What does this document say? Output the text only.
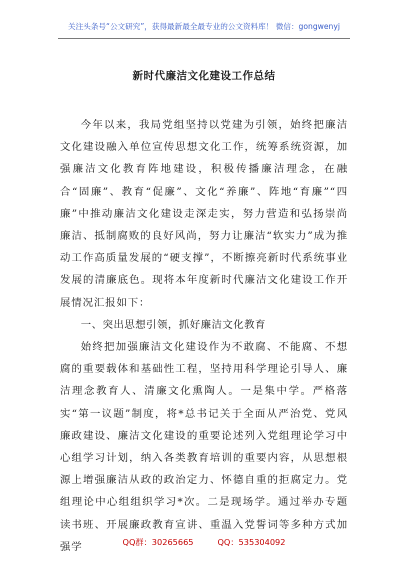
关注头条号“公文研究”，获得最新最全最专业的公文资料库！ 微信：gongwenyj
新时代廉洁文化建设工作总结

今年以来，我局党组坚持以党建为引领，始终把廉洁文化建设融入单位宣传思想文化工作，统筹系统资源，加强廉洁文化教育阵地建设，积极传播廉洁理念，在融合“固廉”、教育“促廉”、文化“养廉”、阵地“育廉”“四廉”中推动廉洁文化建设走深走实，努力营造和弘扬崇尚廉洁、抵制腐败的良好风尚，努力让廉洁“软实力”成为推动工作高质量发展的“硬支撑”，不断擦亮新时代系统事业发展的清廉底色。现将本年度新时代廉洁文化建设工作开展情况汇报如下：

一、突出思想引领，抓好廉洁文化教育

始终把加强廉洁文化建设作为不敢腐、不能腐、不想腐的重要载体和基础性工程，坚持用科学理论引导人、廉洁理念教育人、清廉文化熏陶人。一是集中学。严格落实“第一议题”制度，将*总书记关于全面从严治党、党风廉政建设、廉洁文化建设的重要论述列入党组理论学习中心组学习计划，纳入各类教育培训的重要内容，从思想根源上增强廉洁从政的政治定力、怀德自重的拒腐定力。党组理论中心组组织学习*次。二是现场学。通过举办专题读书班、开展廉政教育宣讲、重温入党誓词等多种方式加强学	QQ群：30265665	QQ：535304092
